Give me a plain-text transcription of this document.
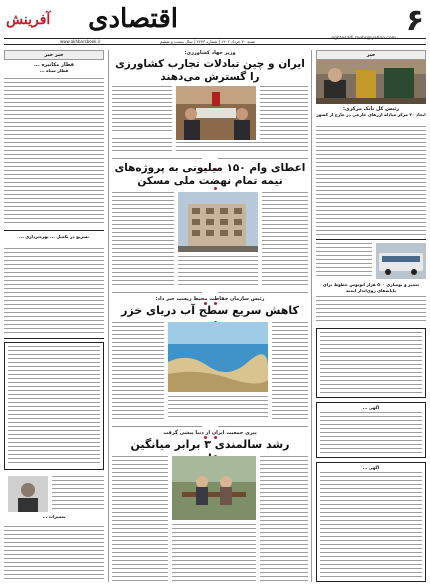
۶
eghtesadi.mehr@yahoo.com
اقتصادی
شنبه ۲۰ خرداد ۱۴۰۲ | شماره ۶۷۷۳ | سال بیست و ششم
آفرینش
www.akhbarsbook.ir
خبر
رئیس کل بانک مرکزی:
ایجاد ۲۰ مرکز مبادله ارزهای خارجی در خارج از کشور
تعمیر و نوسازی ۵۰۰ هزار اتوبوس خطوط برای پایانه‌های روی‌انداز ایمنه
آگهی ...
آگهی ...
وزیر جهاد کشاورزی:
ایران و چین تبادلات تجارب کشاورزی را گسترش می‌دهند

اعطای وام ۱۵۰ میلیونی به پروژه‌های نیمه تمام نهضت ملی مسکن

رئیس سازمان حفاظت محیط زیست خبر داد:
کاهش سریع سطح آب دریای خزر

پیری جمعیت ایران از دنیا پیشی گرفت
رشد سالمندی ۳ برابر میانگین
خبر خبر
قطار مکانیزه ...
قطار سیاه ...
تسریع در تکمیل ... بهره‌برداری ...
تعمیرات ...
